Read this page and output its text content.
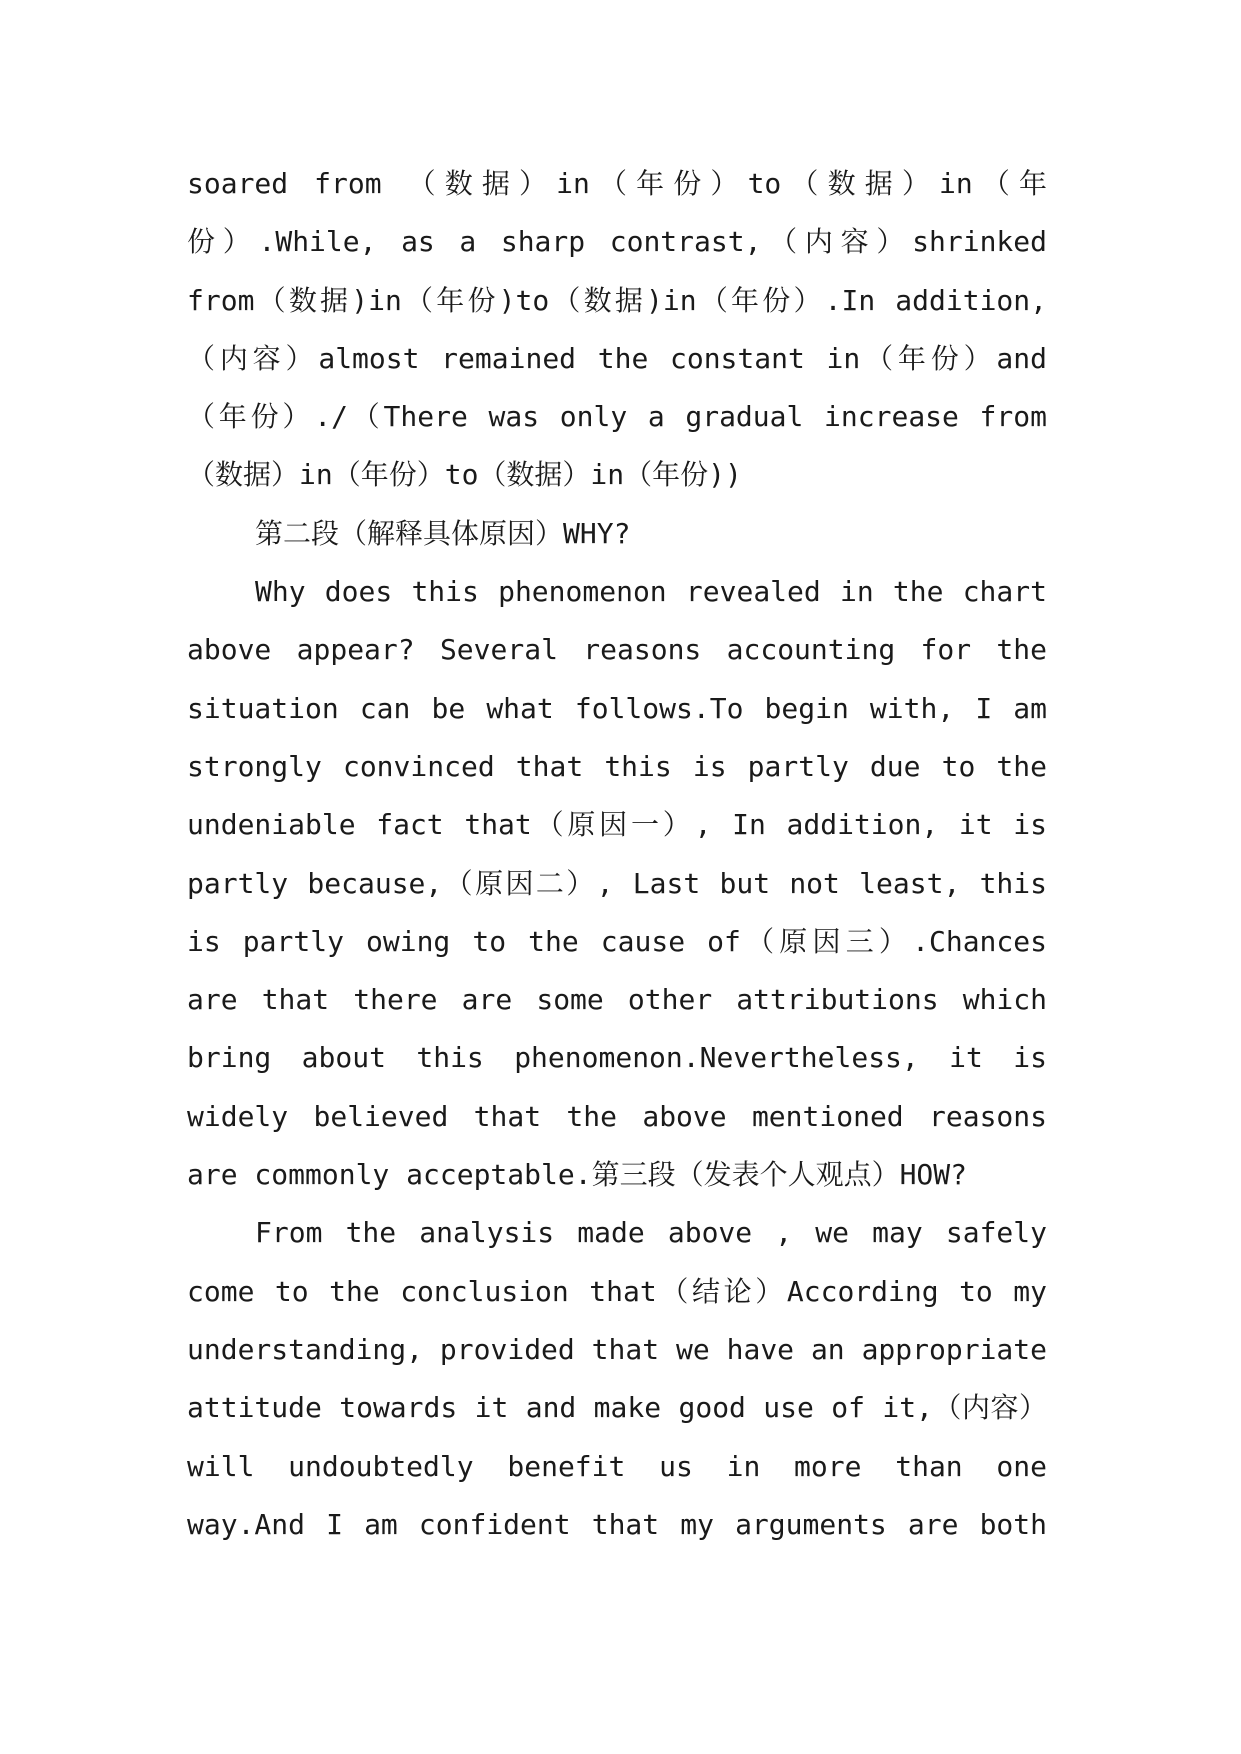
soared from （数据）in（年份）to（数据）in（年
份）.While, as a sharp contrast,（内容）shrinked
from（数据)in（年份)to（数据)in（年份）.In addition,
（内容）almost remained the constant in（年份）and
（年份）./（There was only a gradual increase from
（数据）in（年份）to（数据）in（年份))
第二段（解释具体原因）WHY?
Why does this phenomenon revealed in the chart
above appear? Several reasons accounting for the
situation can be what follows.To begin with, I am
strongly convinced that this is partly due to the
undeniable fact that（原因一）, In addition, it is
partly because,（原因二）, Last but not least, this
is partly owing to the cause of（原因三）.Chances
are that there are some other attributions which
bring about this phenomenon.Nevertheless, it is
widely believed that the above mentioned reasons
are commonly acceptable.第三段（发表个人观点）HOW?
From the analysis made above , we may safely
come to the conclusion that（结论）According to my
understanding, provided that we have an appropriate
attitude towards it and make good use of it,（内容）
will undoubtedly benefit us in more than one
way.And I am confident that my arguments are both
